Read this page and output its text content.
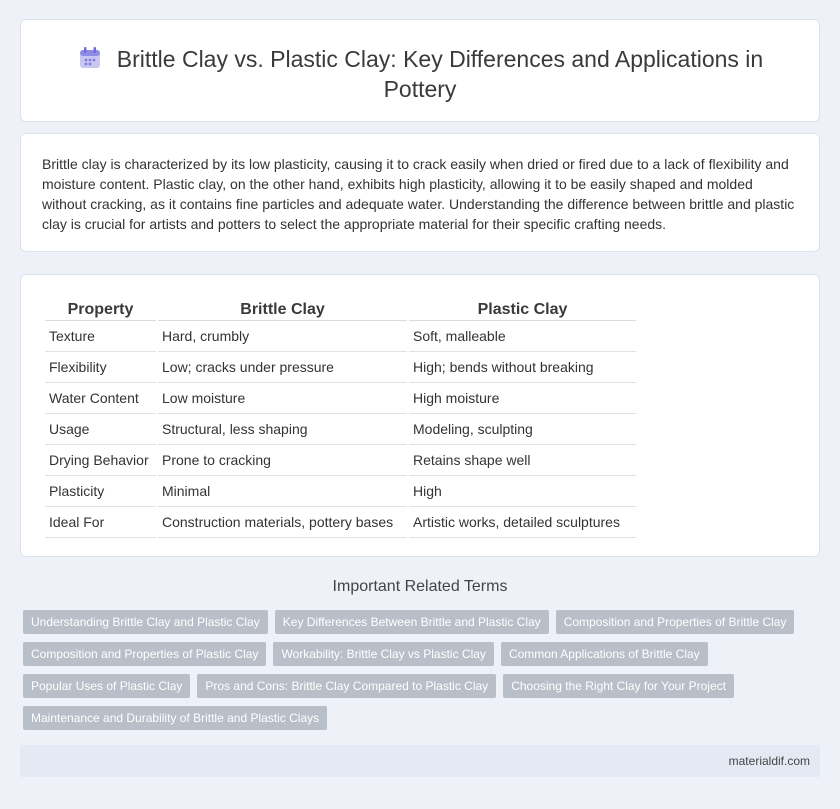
Brittle Clay vs. Plastic Clay: Key Differences and Applications in Pottery

Brittle clay is characterized by its low plasticity, causing it to crack easily when dried or fired due to a lack of flexibility and moisture content. Plastic clay, on the other hand, exhibits high plasticity, allowing it to be easily shaped and molded without cracking, as it contains fine particles and adequate water. Understanding the difference between brittle and plastic clay is crucial for artists and potters to select the appropriate material for their specific crafting needs.

Property	Brittle Clay	Plastic Clay
Texture	Hard, crumbly	Soft, malleable
Flexibility	Low; cracks under pressure	High; bends without breaking
Water Content	Low moisture	High moisture
Usage	Structural, less shaping	Modeling, sculpting
Drying Behavior	Prone to cracking	Retains shape well
Plasticity	Minimal	High
Ideal For	Construction materials, pottery bases	Artistic works, detailed sculptures
Important Related Terms
Understanding Brittle Clay and Plastic Clay	Key Differences Between Brittle and Plastic Clay	Composition and Properties of Brittle Clay
Composition and Properties of Plastic Clay	Workability: Brittle Clay vs Plastic Clay	Common Applications of Brittle Clay
Popular Uses of Plastic Clay	Pros and Cons: Brittle Clay Compared to Plastic Clay	Choosing the Right Clay for Your Project
Maintenance and Durability of Brittle and Plastic Clays
materialdif.com
